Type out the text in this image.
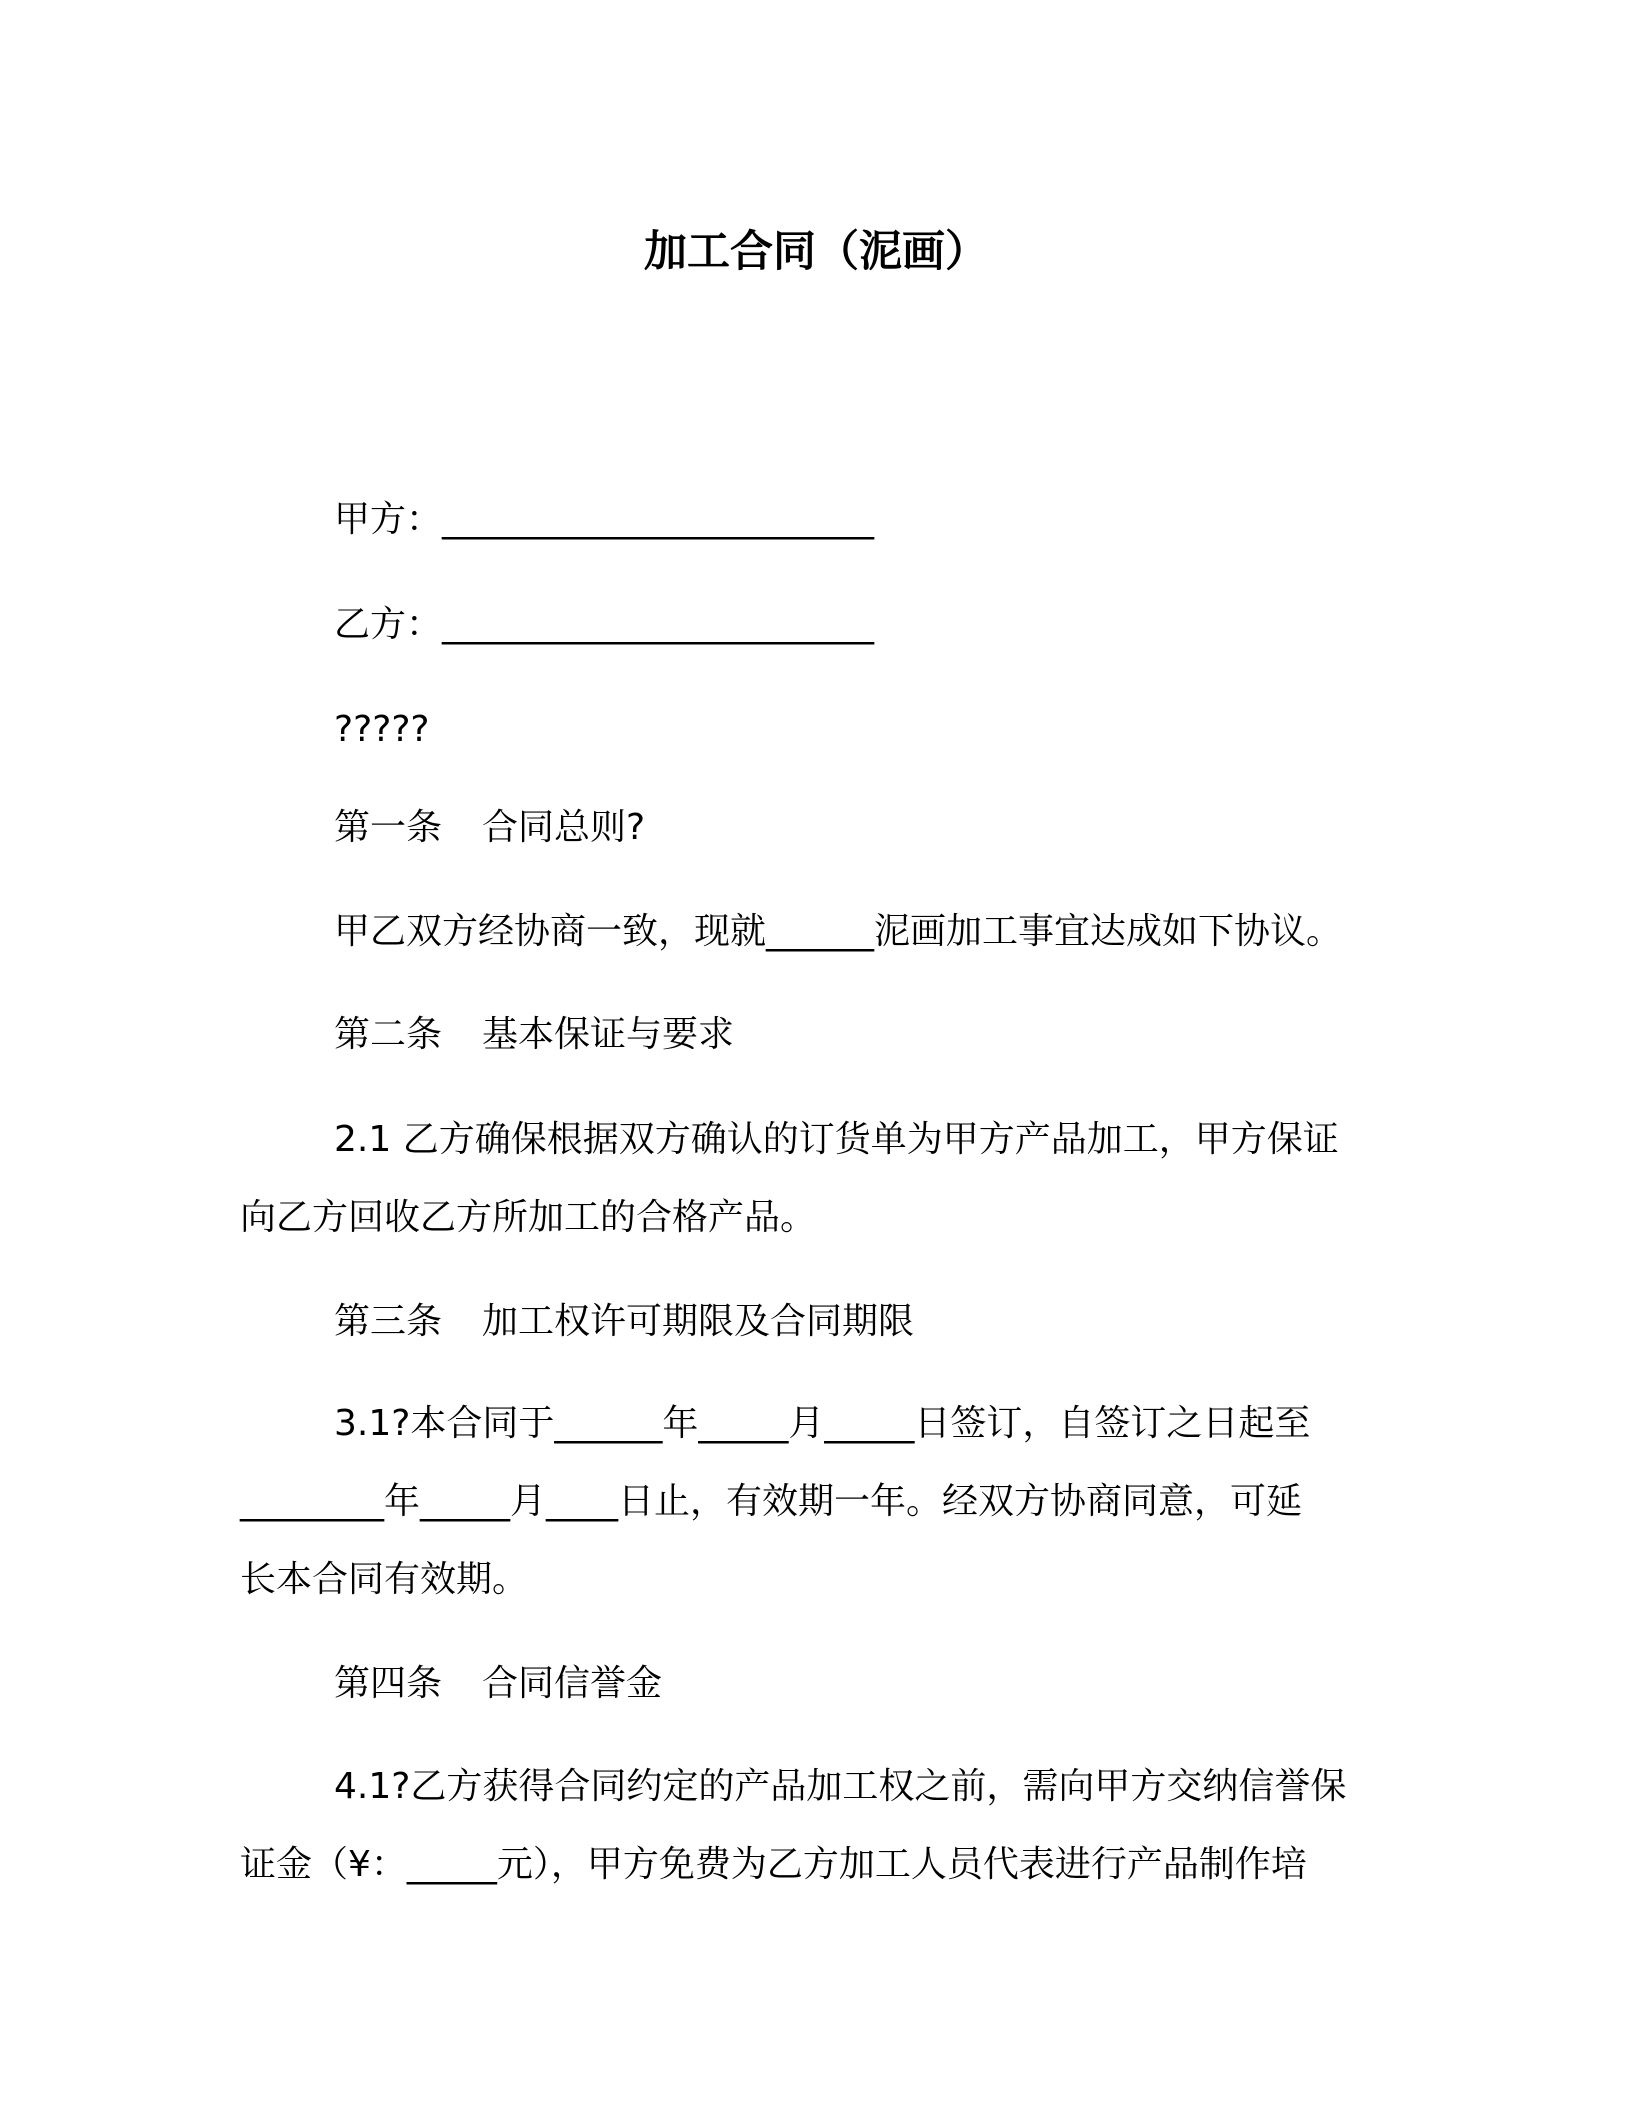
加工合同（泥画）
甲方：________________________
乙方：________________________
?????
第一条 合同总则?
甲乙双方经协商一致，现就______泥画加工事宜达成如下协议。
第二条 基本保证与要求
2.1 乙方确保根据双方确认的订货单为甲方产品加工，甲方保证
向乙方回收乙方所加工的合格产品。
第三条 加工权许可期限及合同期限
3.1?本合同于______年_____月_____日签订，自签订之日起至
________年_____月____日止，有效期一年。经双方协商同意，可延
长本合同有效期。
第四条 合同信誉金
4.1?乙方获得合同约定的产品加工权之前，需向甲方交纳信誉保
证金（¥：_____元），甲方免费为乙方加工人员代表进行产品制作培
